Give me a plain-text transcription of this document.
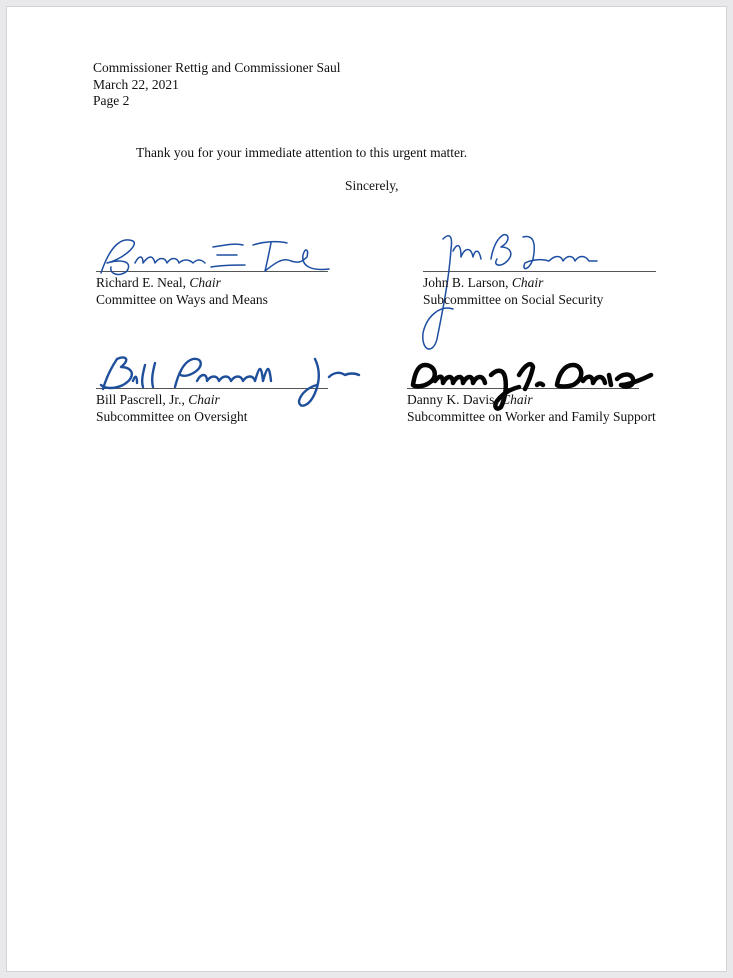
Commissioner Rettig and Commissioner Saul
March 22, 2021
Page 2

Thank you for your immediate attention to this urgent matter.

Sincerely,

Richard E. Neal, Chair

Committee on Ways and Means

John B. Larson, Chair

Subcommittee on Social Security

Bill Pascrell, Jr., Chair

Subcommittee on Oversight

Danny K. Davis, Chair

Subcommittee on Worker and Family Support
